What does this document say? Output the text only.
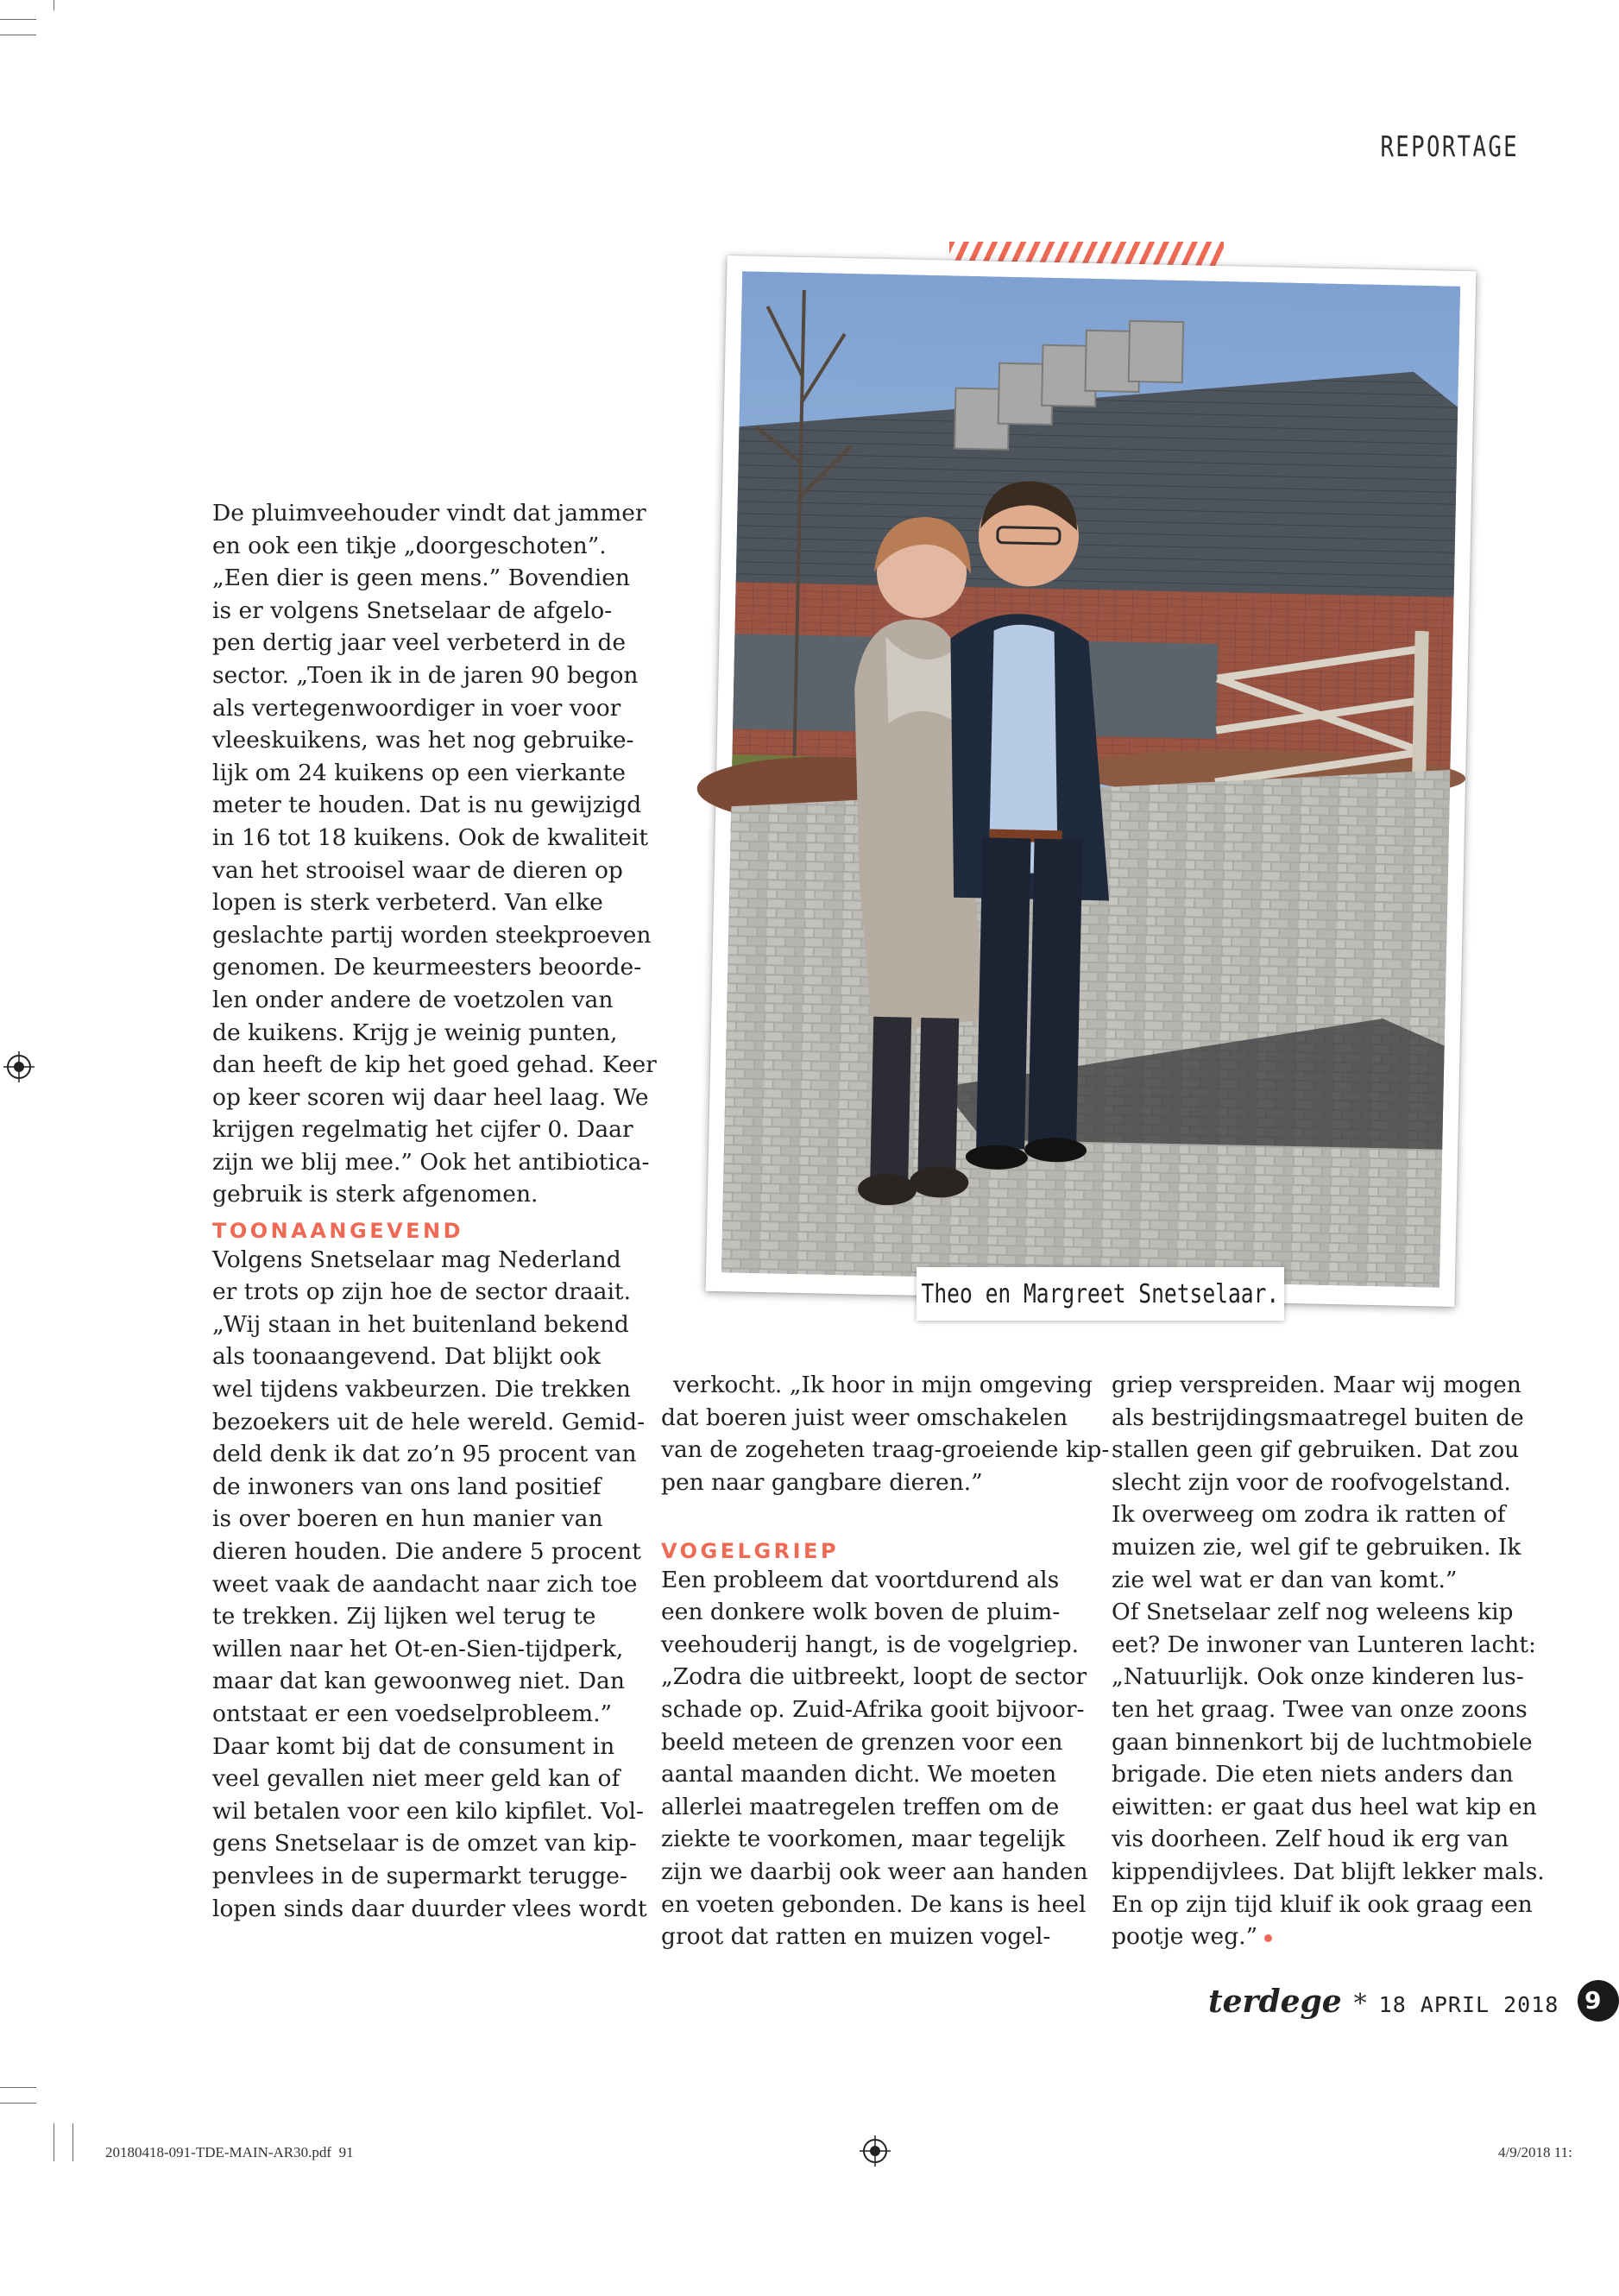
REPORTAGE
Theo en Margreet Snetselaar.

De pluimveehouder vindt dat jammer
en ook een tikje „doorgeschoten”.
„Een dier is geen mens.” Bovendien
is er volgens Snetselaar de afgelo-
pen dertig jaar veel verbeterd in de
sector. „Toen ik in de jaren 90 begon
als vertegenwoordiger in voer voor
vleeskuikens, was het nog gebruike-
lijk om 24 kuikens op een vierkante
meter te houden. Dat is nu gewijzigd
in 16 tot 18 kuikens. Ook de kwaliteit
van het strooisel waar de dieren op
lopen is sterk verbeterd. Van elke
geslachte partij worden steekproeven
genomen. De keurmeesters beoorde-
len onder andere de voetzolen van
de kuikens. Krijg je weinig punten,
dan heeft de kip het goed gehad. Keer
op keer scoren wij daar heel laag. We
krijgen regelmatig het cijfer 0. Daar
zijn we blij mee.” Ook het antibiotica-
gebruik is sterk afgenomen.

TOONAANGEVEND

Volgens Snetselaar mag Nederland
er trots op zijn hoe de sector draait.
„Wij staan in het buitenland bekend
als toonaangevend. Dat blijkt ook
wel tijdens vakbeurzen. Die trekken
bezoekers uit de hele wereld. Gemid-
deld denk ik dat zo’n 95 procent van
de inwoners van ons land positief
is over boeren en hun manier van
dieren houden. Die andere 5 procent
weet vaak de aandacht naar zich toe
te trekken. Zij lijken wel terug te
willen naar het Ot-en-Sien-tijdperk,
maar dat kan gewoonweg niet. Dan
ontstaat er een voedselprobleem.”
Daar komt bij dat de consument in
veel gevallen niet meer geld kan of
wil betalen voor een kilo kipfilet. Vol-
gens Snetselaar is de omzet van kip-
penvlees in de supermarkt terugge-
lopen sinds daar duurder vlees wordt

verkocht. „Ik hoor in mijn omgeving
dat boeren juist weer omschakelen
van de zogeheten traag-groeiende kip-
pen naar gangbare dieren.”

VOGELGRIEP

Een probleem dat voortdurend als
een donkere wolk boven de pluim-
veehouderij hangt, is de vogelgriep.
„Zodra die uitbreekt, loopt de sector
schade op. Zuid-Afrika gooit bijvoor-
beeld meteen de grenzen voor een
aantal maanden dicht. We moeten
allerlei maatregelen treffen om de
ziekte te voorkomen, maar tegelijk
zijn we daarbij ook weer aan handen
en voeten gebonden. De kans is heel
groot dat ratten en muizen vogel-

griep verspreiden. Maar wij mogen
als bestrijdingsmaatregel buiten de
stallen geen gif gebruiken. Dat zou
slecht zijn voor de roofvogelstand.
Ik overweeg om zodra ik ratten of
muizen zie, wel gif te gebruiken. Ik
zie wel wat er dan van komt.”
Of Snetselaar zelf nog weleens kip
eet? De inwoner van Lunteren lacht:
„Natuurlijk. Ook onze kinderen lus-
ten het graag. Twee van onze zoons
gaan binnenkort bij de luchtmobiele
brigade. Die eten niets anders dan
eiwitten: er gaat dus heel wat kip en
vis doorheen. Zelf houd ik erg van
kippendijvlees. Dat blijft lekker mals.
En op zijn tijd kluif ik ook graag een
pootje weg.”

terdege * 18 APRIL 2018 9
20180418-091-TDE-MAIN-AR30.pdf 91	4/9/2018 11:
